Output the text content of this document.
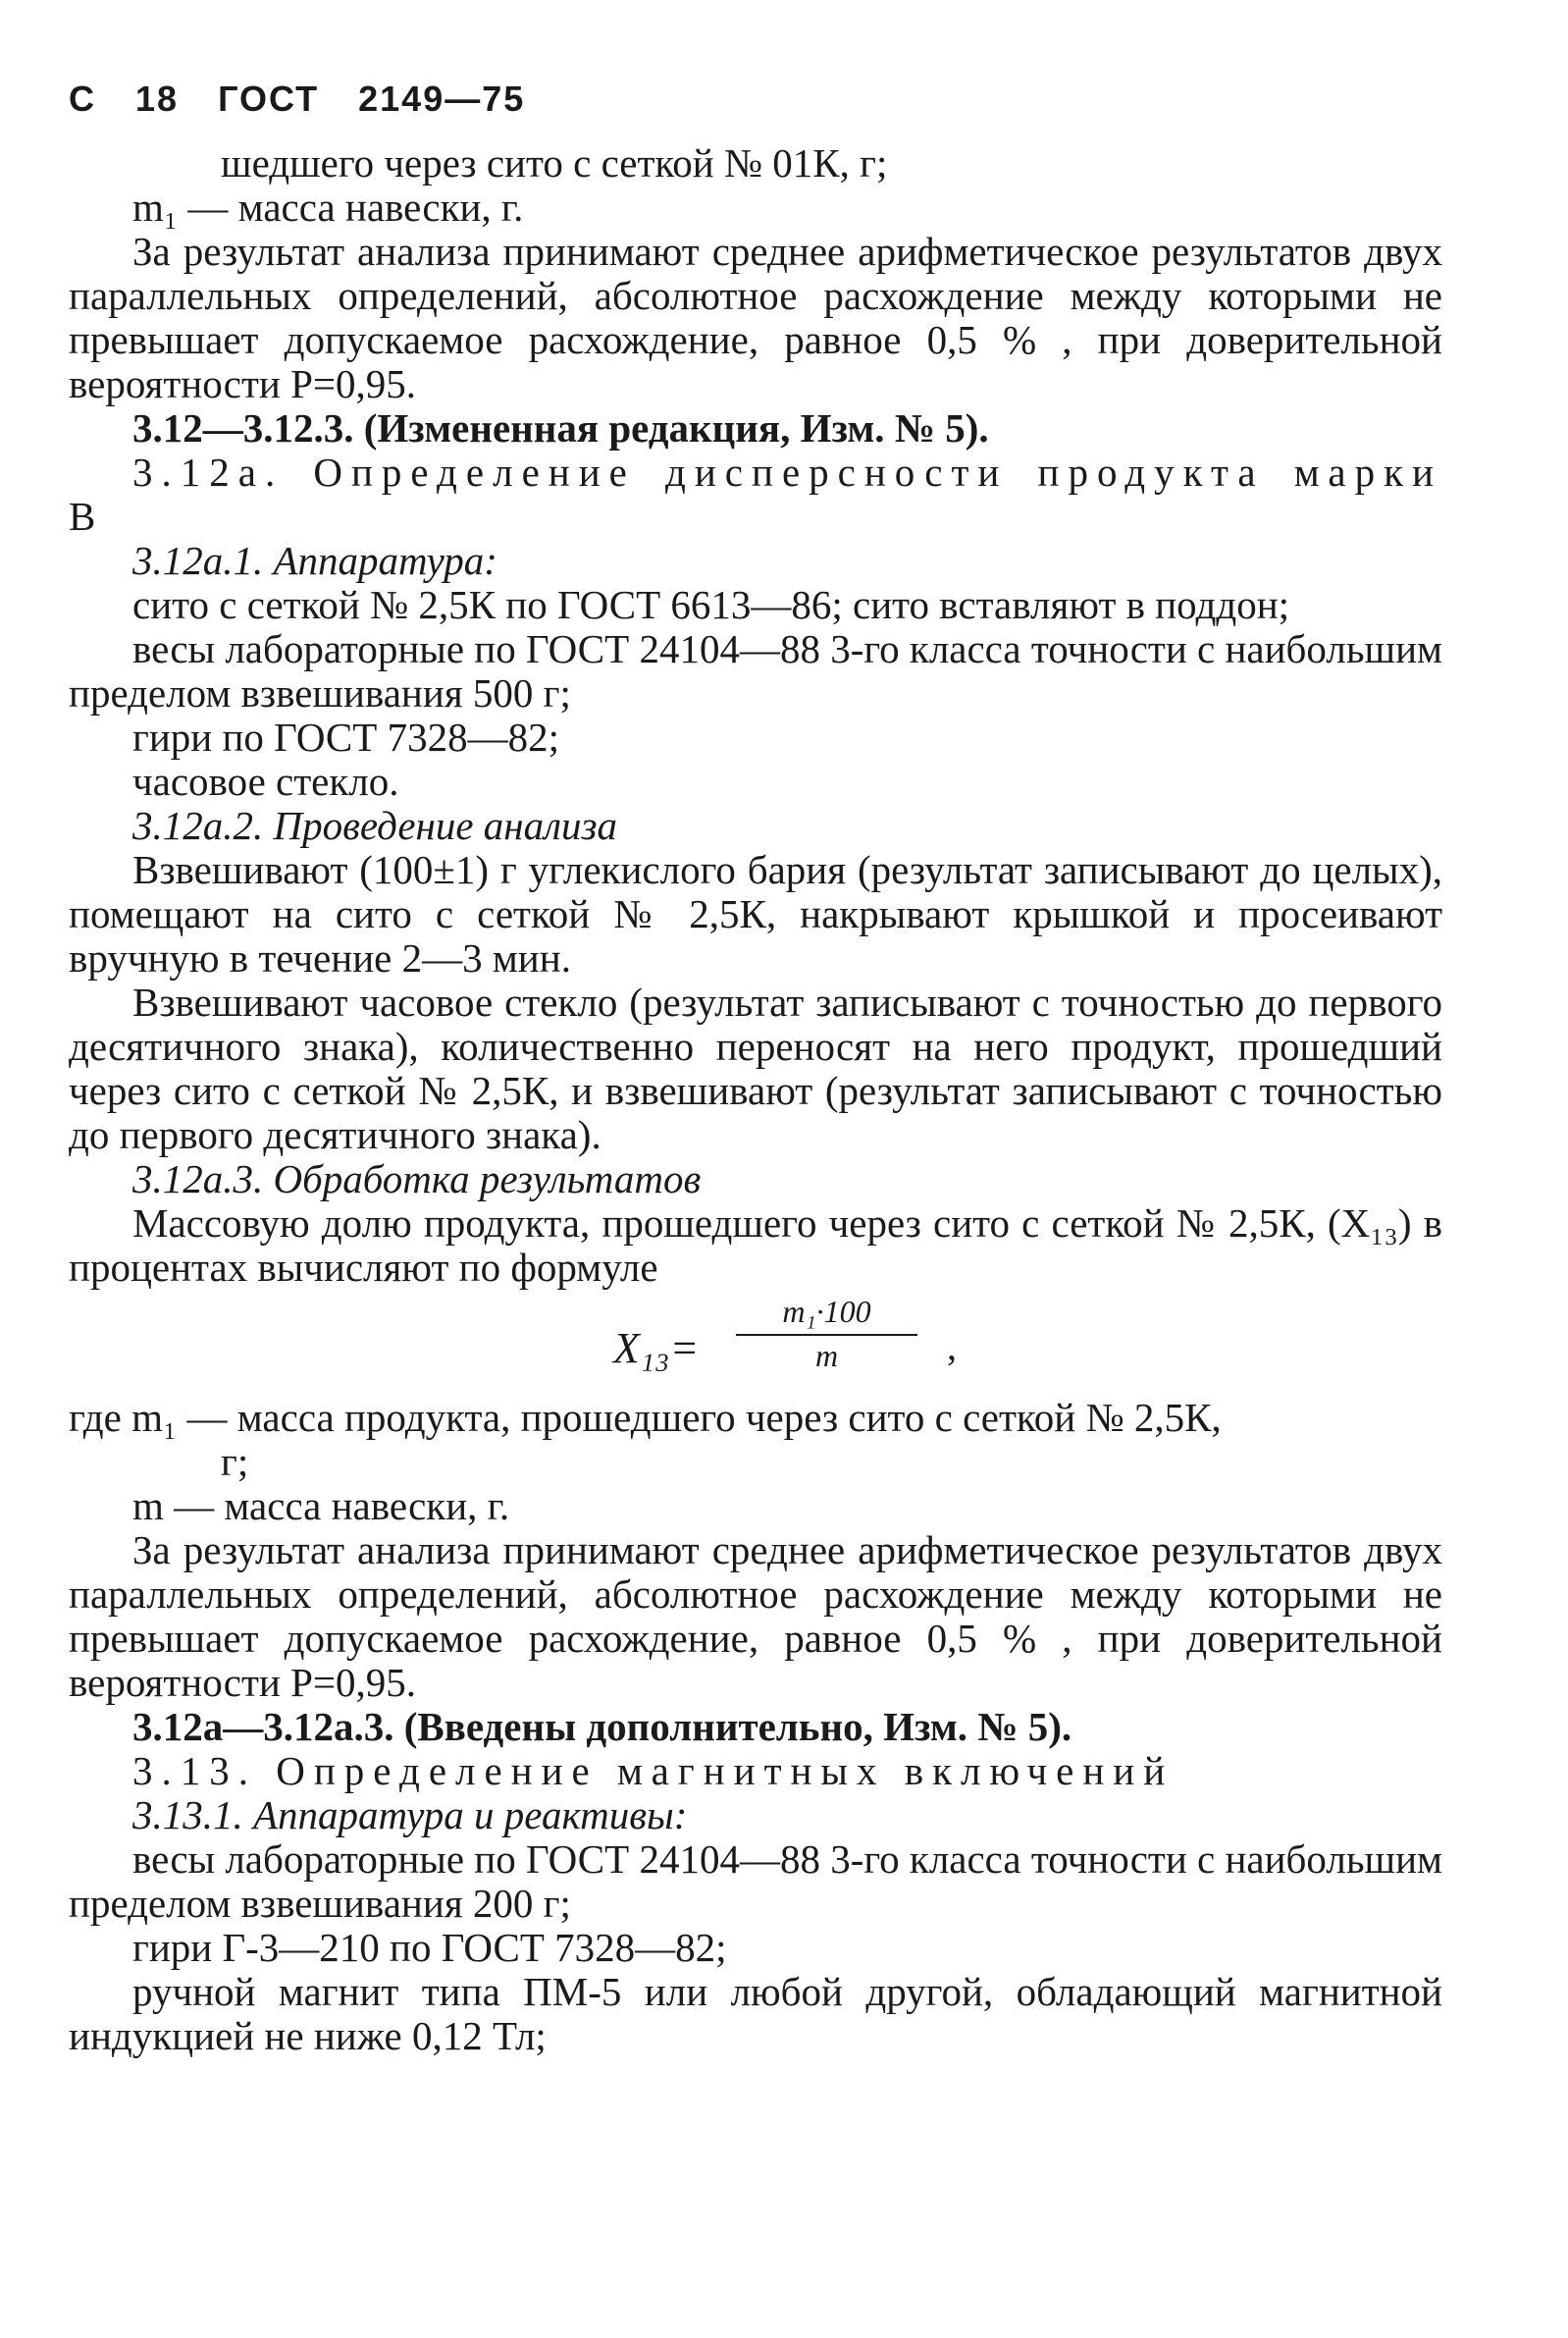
С 18 ГОСТ 2149—75

шедшего через сито с сеткой № 01К, г;

m₁ — масса навески, г.

За результат анализа принимают среднее арифметическое результатов двух параллельных определений, абсолютное расхождение между которыми не превышает допускаемое расхождение, равное 0,5 % , при доверительной вероятности Р=0,95.

3.12—3.12.3. (Измененная редакция, Изм. № 5).

3.12а. Определение дисперсности продукта марки В

3.12а.1. Аппаратура:

сито с сеткой № 2,5К по ГОСТ 6613—86; сито вставляют в поддон;

весы лабораторные по ГОСТ 24104—88 3-го класса точности с наибольшим пределом взвешивания 500 г;

гири по ГОСТ 7328—82;

часовое стекло.

3.12а.2. Проведение анализа

Взвешивают (100±1) г углекислого бария (результат записывают до целых), помещают на сито с сеткой № 2,5К, накрывают крышкой и просеивают вручную в течение 2—3 мин.

Взвешивают часовое стекло (результат записывают с точностью до первого десятичного знака), количественно переносят на него продукт, прошедший через сито с сеткой № 2,5К, и взвешивают (результат записывают с точностью до первого десятичного знака).

3.12а.3. Обработка результатов

Массовую долю продукта, прошедшего через сито с сеткой № 2,5К, (X₁₃) в процентах вычисляют по формуле

$X_{13}= \frac{\text{m₁·100}}{m}$ ,

где m₁ — масса продукта, прошедшего через сито с сеткой № 2,5К,

г;

m — масса навески, г.

За результат анализа принимают среднее арифметическое результатов двух параллельных определений, абсолютное расхождение между которыми не превышает допускаемое расхождение, равное 0,5 % , при доверительной вероятности Р=0,95.

3.12а—3.12а.3. (Введены дополнительно, Изм. № 5).

3.13. Определение магнитных включений

3.13.1. Аппаратура и реактивы:

весы лабораторные по ГОСТ 24104—88 3-го класса точности с наибольшим пределом взвешивания 200 г;

гири Г-3—210 по ГОСТ 7328—82;

ручной магнит типа ПМ-5 или любой другой, обладающий магнитной индукцией не ниже 0,12 Тл;
